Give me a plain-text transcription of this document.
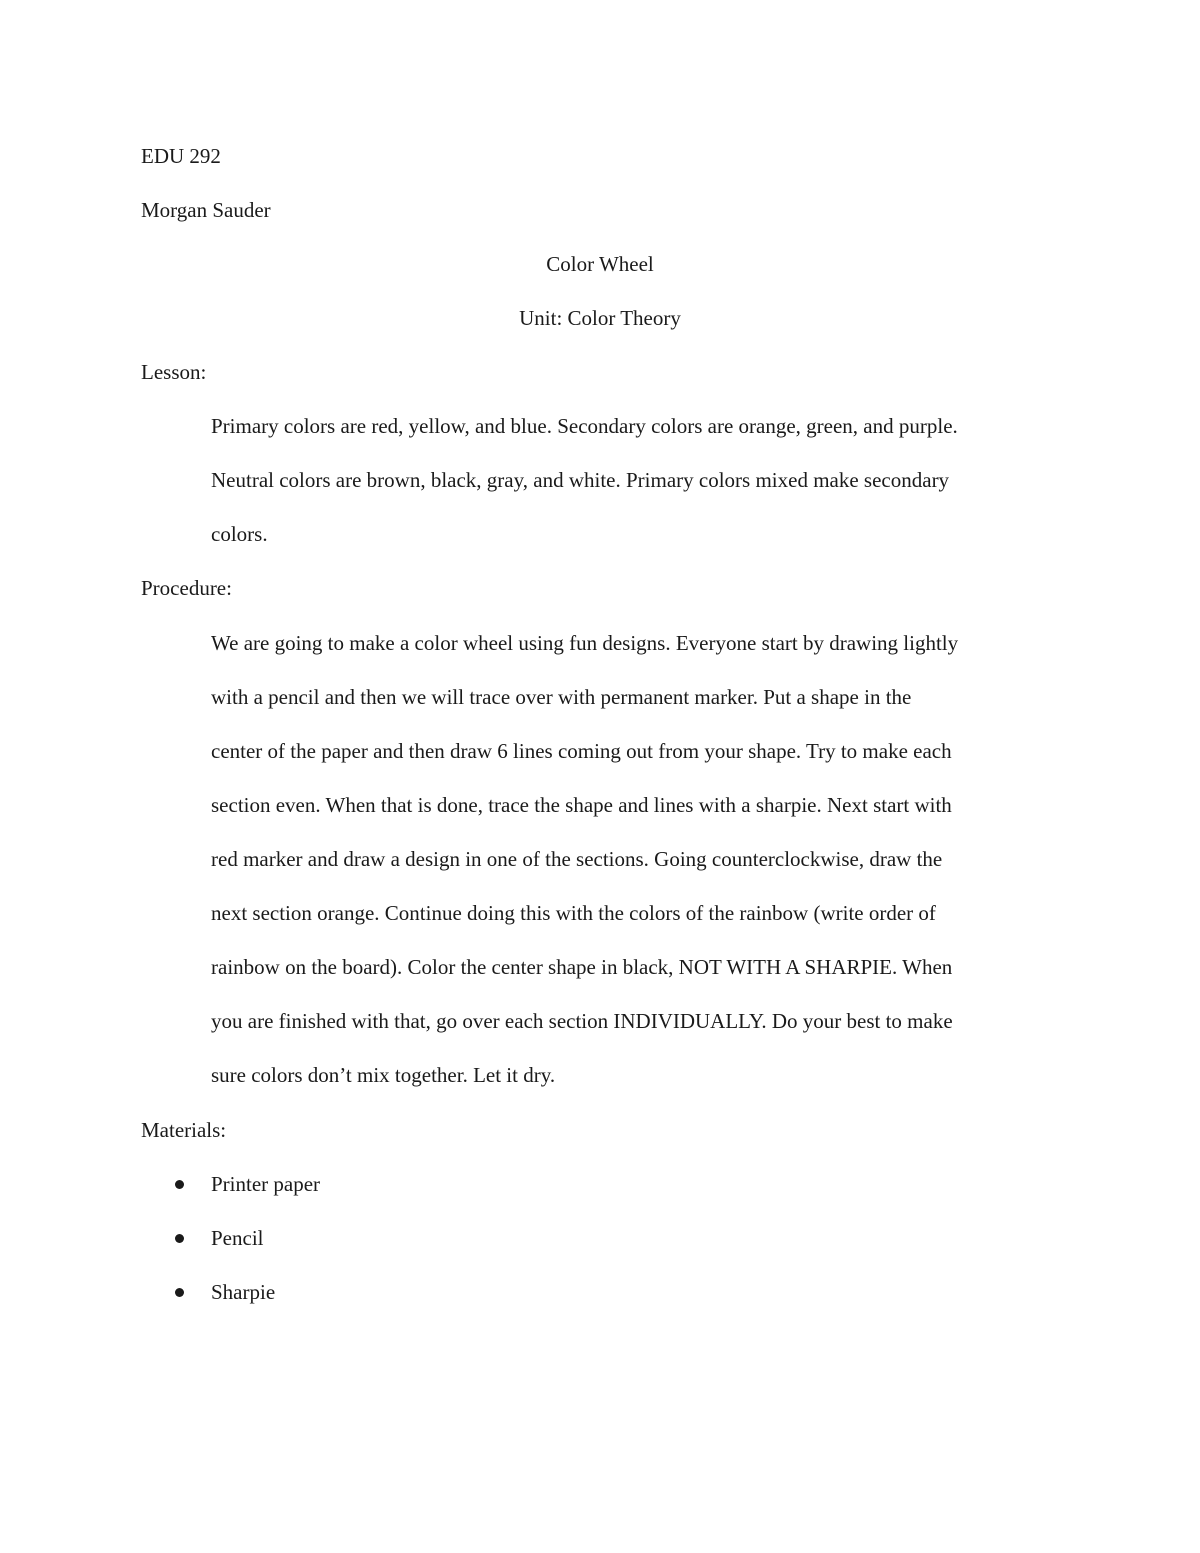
EDU 292
Morgan Sauder
Color Wheel
Unit: Color Theory
Lesson:
Primary colors are red, yellow, and blue. Secondary colors are orange, green, and purple.
Neutral colors are brown, black, gray, and white. Primary colors mixed make secondary
colors.
Procedure:
We are going to make a color wheel using fun designs. Everyone start by drawing lightly
with a pencil and then we will trace over with permanent marker. Put a shape in the
center of the paper and then draw 6 lines coming out from your shape. Try to make each
section even. When that is done, trace the shape and lines with a sharpie. Next start with
red marker and draw a design in one of the sections. Going counterclockwise, draw the
next section orange. Continue doing this with the colors of the rainbow (write order of
rainbow on the board). Color the center shape in black, NOT WITH A SHARPIE. When
you are finished with that, go over each section INDIVIDUALLY. Do your best to make
sure colors don’t mix together. Let it dry.
Materials:
Printer paper
Pencil
Sharpie
